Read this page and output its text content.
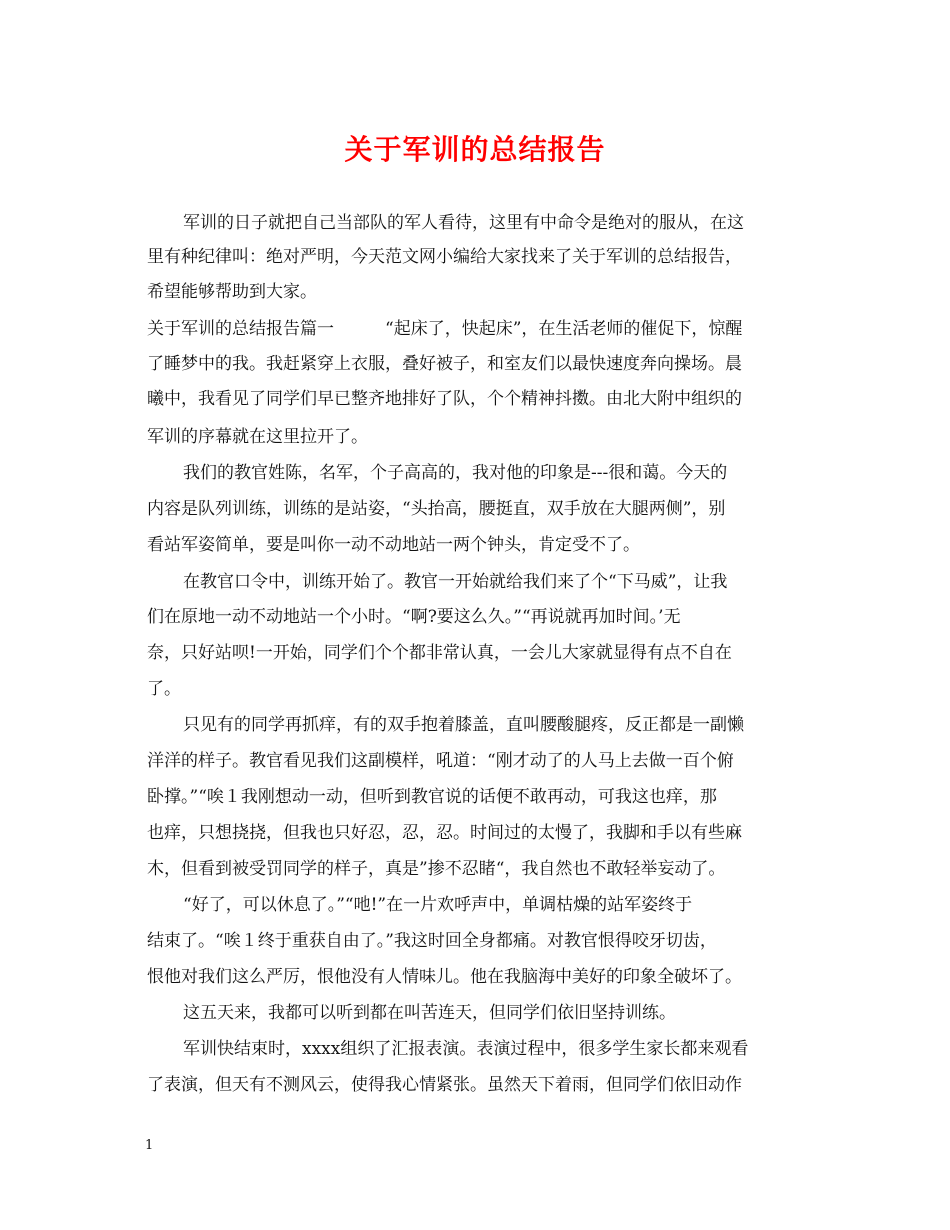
关于军训的总结报告
军训的日子就把自己当部队的军人看待，这里有中命令是绝对的服从，在这
里有种纪律叫：绝对严明，今天范文网小编给大家找来了关于军训的总结报告，
希望能够帮助到大家。
关于军训的总结报告篇一　　　“起床了，快起床”，在生活老师的催促下，惊醒
了睡梦中的我。我赶紧穿上衣服，叠好被子，和室友们以最快速度奔向操场。晨
曦中，我看见了同学们早已整齐地排好了队，个个精神抖擞。由北大附中组织的
军训的序幕就在这里拉开了。
我们的教官姓陈，名军，个子高高的，我对他的印象是---很和蔼。今天的
内容是队列训练，训练的是站姿，“头抬高，腰挺直，双手放在大腿两侧”，别
看站军姿简单，要是叫你一动不动地站一两个钟头，肯定受不了。
在教官口令中，训练开始了。教官一开始就给我们来了个“下马威”，让我
们在原地一动不动地站一个小时。“啊?要这么久。”“再说就再加时间。’无
奈，只好站呗!一开始，同学们个个都非常认真，一会儿大家就显得有点不自在
了。
只见有的同学再抓痒，有的双手抱着膝盖，直叫腰酸腿疼，反正都是一副懒
洋洋的样子。教官看见我们这副模样，吼道：“刚才动了的人马上去做一百个俯
卧撑。”“唉１我刚想动一动，但听到教官说的话便不敢再动，可我这也痒，那
也痒，只想挠挠，但我也只好忍，忍，忍。时间过的太慢了，我脚和手以有些麻
木，但看到被受罚同学的样子，真是”掺不忍睹“，我自然也不敢轻举妄动了。
“好了，可以休息了。”“吔!”在一片欢呼声中，单调枯燥的站军姿终于
结束了。“唉１终于重获自由了。”我这时回全身都痛。对教官恨得咬牙切齿，
恨他对我们这么严厉，恨他没有人情味儿。他在我脑海中美好的印象全破坏了。
这五天来，我都可以听到都在叫苦连天，但同学们依旧坚持训练。
军训快结束时，xxxx组织了汇报表演。表演过程中，很多学生家长都来观看
了表演，但天有不测风云，使得我心情紧张。虽然天下着雨，但同学们依旧动作
1
